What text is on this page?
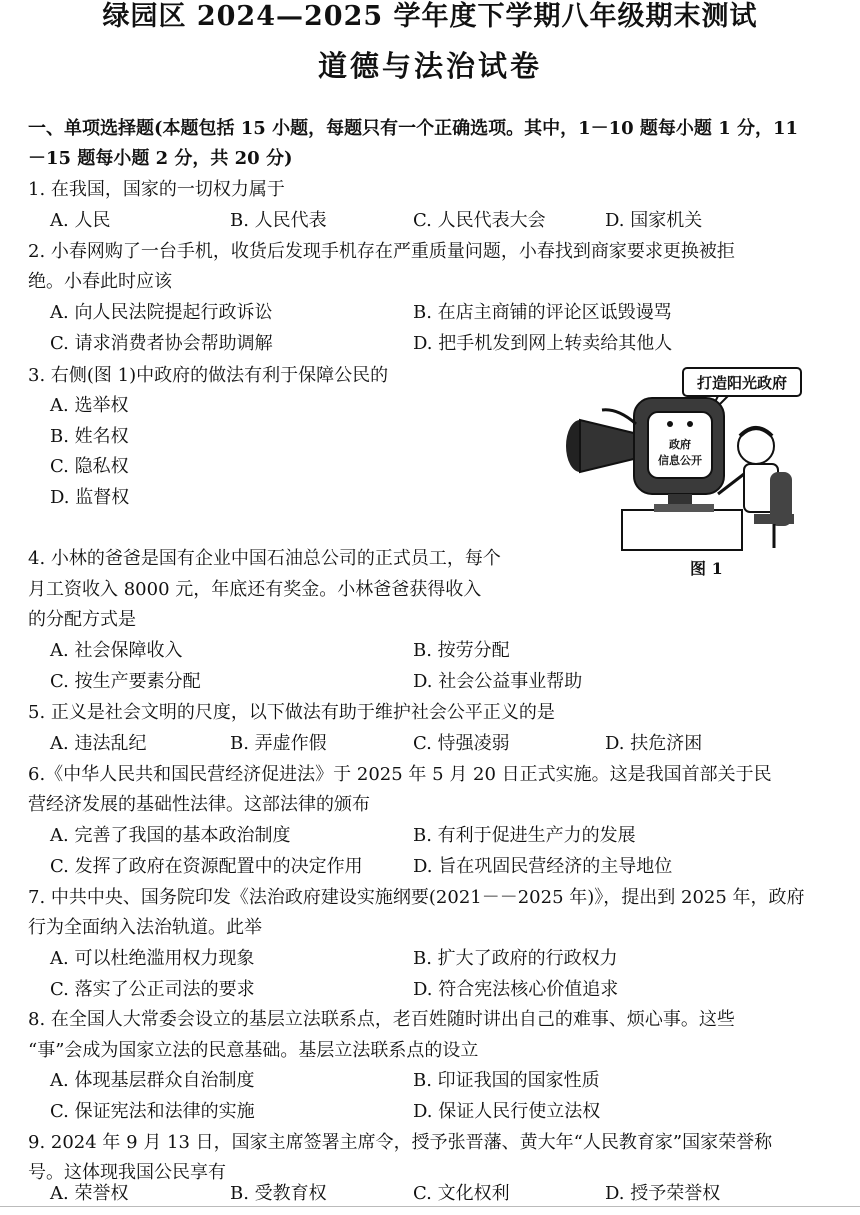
绿园区 2024—2025 学年度下学期八年级期末测试
道德与法治试卷
一、单项选择题(本题包括 15 小题，每题只有一个正确选项。其中，1－10 题每小题 1 分，11
－15 题每小题 2 分，共 20 分)
1. 在我国，国家的一切权力属于
A. 人民	B. 人民代表	C. 人民代表大会	D. 国家机关
2. 小春网购了一台手机，收货后发现手机存在严重质量问题，小春找到商家要求更换被拒
绝。小春此时应该
A. 向人民法院提起行政诉讼	B. 在店主商铺的评论区诋毁谩骂
C. 请求消费者协会帮助调解	D. 把手机发到网上转卖给其他人
3. 右侧(图 1)中政府的做法有利于保障公民的
A. 选举权
B. 姓名权
C. 隐私权
D. 监督权
打造阳光政府
政府
信息公开
图 1
4. 小林的爸爸是国有企业中国石油总公司的正式员工，每个
月工资收入 8000 元，年底还有奖金。小林爸爸获得收入
的分配方式是
A. 社会保障收入	B. 按劳分配
C. 按生产要素分配	D. 社会公益事业帮助
5. 正义是社会文明的尺度，以下做法有助于维护社会公平正义的是
A. 违法乱纪	B. 弄虚作假	C. 恃强凌弱	D. 扶危济困
6.《中华人民共和国民营经济促进法》于 2025 年 5 月 20 日正式实施。这是我国首部关于民
营经济发展的基础性法律。这部法律的颁布
A. 完善了我国的基本政治制度	B. 有利于促进生产力的发展
C. 发挥了政府在资源配置中的决定作用	D. 旨在巩固民营经济的主导地位
7. 中共中央、国务院印发《法治政府建设实施纲要(2021－－2025 年)》，提出到 2025 年，政府
行为全面纳入法治轨道。此举
A. 可以杜绝滥用权力现象	B. 扩大了政府的行政权力
C. 落实了公正司法的要求	D. 符合宪法核心价值追求
8. 在全国人大常委会设立的基层立法联系点，老百姓随时讲出自己的难事、烦心事。这些
“事”会成为国家立法的民意基础。基层立法联系点的设立
A. 体现基层群众自治制度	B. 印证我国的国家性质
C. 保证宪法和法律的实施	D. 保证人民行使立法权
9. 2024 年 9 月 13 日，国家主席签署主席令，授予张晋藩、黄大年“人民教育家”国家荣誉称
号。这体现我国公民享有
A. 荣誉权	B. 受教育权	C. 文化权利	D. 授予荣誉权
